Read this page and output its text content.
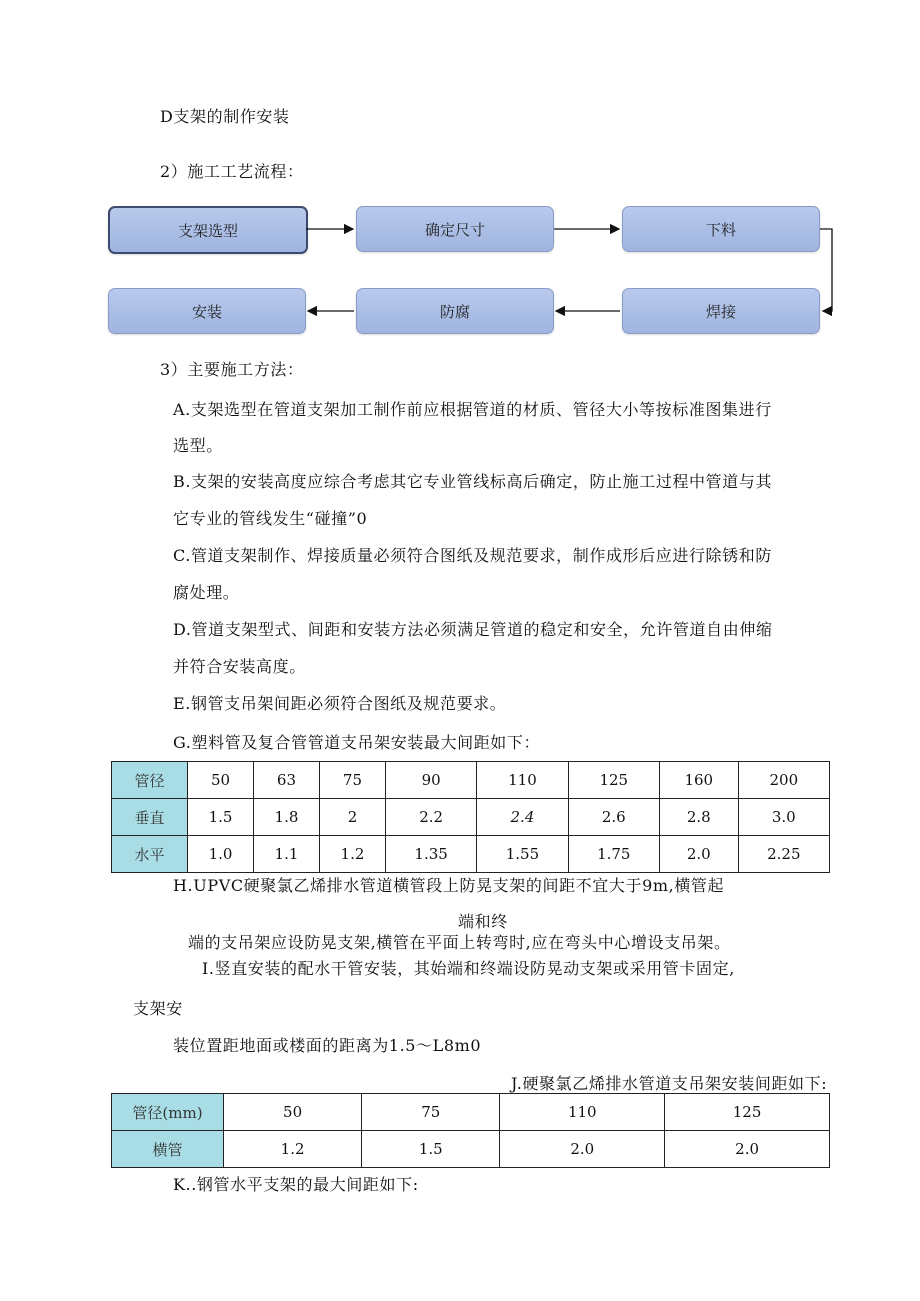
D支架的制作安装
2）施工工艺流程：
支架选型	确定尺寸	下料
焊接
防腐
安装
3）主要施工方法：
A.支架选型在管道支架加工制作前应根据管道的材质、管径大小等按标准图集进行
选型。
B.支架的安装高度应综合考虑其它专业管线标高后确定，防止施工过程中管道与其
它专业的管线发生“碰撞”0
C.管道支架制作、焊接质量必须符合图纸及规范要求，制作成形后应进行除锈和防
腐处理。
D.管道支架型式、间距和安装方法必须满足管道的稳定和安全，允许管道自由伸缩
并符合安装高度。
E.钢管支吊架间距必须符合图纸及规范要求。
G.塑料管及复合管管道支吊架安装最大间距如下：
管径	50	63	75	90	110	125	160	200
垂直	1.5	1.8	2	2.2	2.4	2.6	2.8	3.0
水平	1.0	1.1	1.2	1.35	1.55	1.75	2.0	2.25
H.UPVC硬聚氯乙烯排水管道横管段上防晃支架的间距不宜大于9m,横管起
端和终
端的支吊架应设防晃支架,横管在平面上转弯时,应在弯头中心增设支吊架。
I.竖直安装的配水干管安装，其始端和终端设防晃动支架或采用管卡固定,
支架安
装位置距地面或楼面的距离为1.5～L8m0
J.硬聚氯乙烯排水管道支吊架安装间距如下:
管径(mm)	50	75	110	125
横管	1.2	1.5	2.0	2.0
K..钢管水平支架的最大间距如下:
